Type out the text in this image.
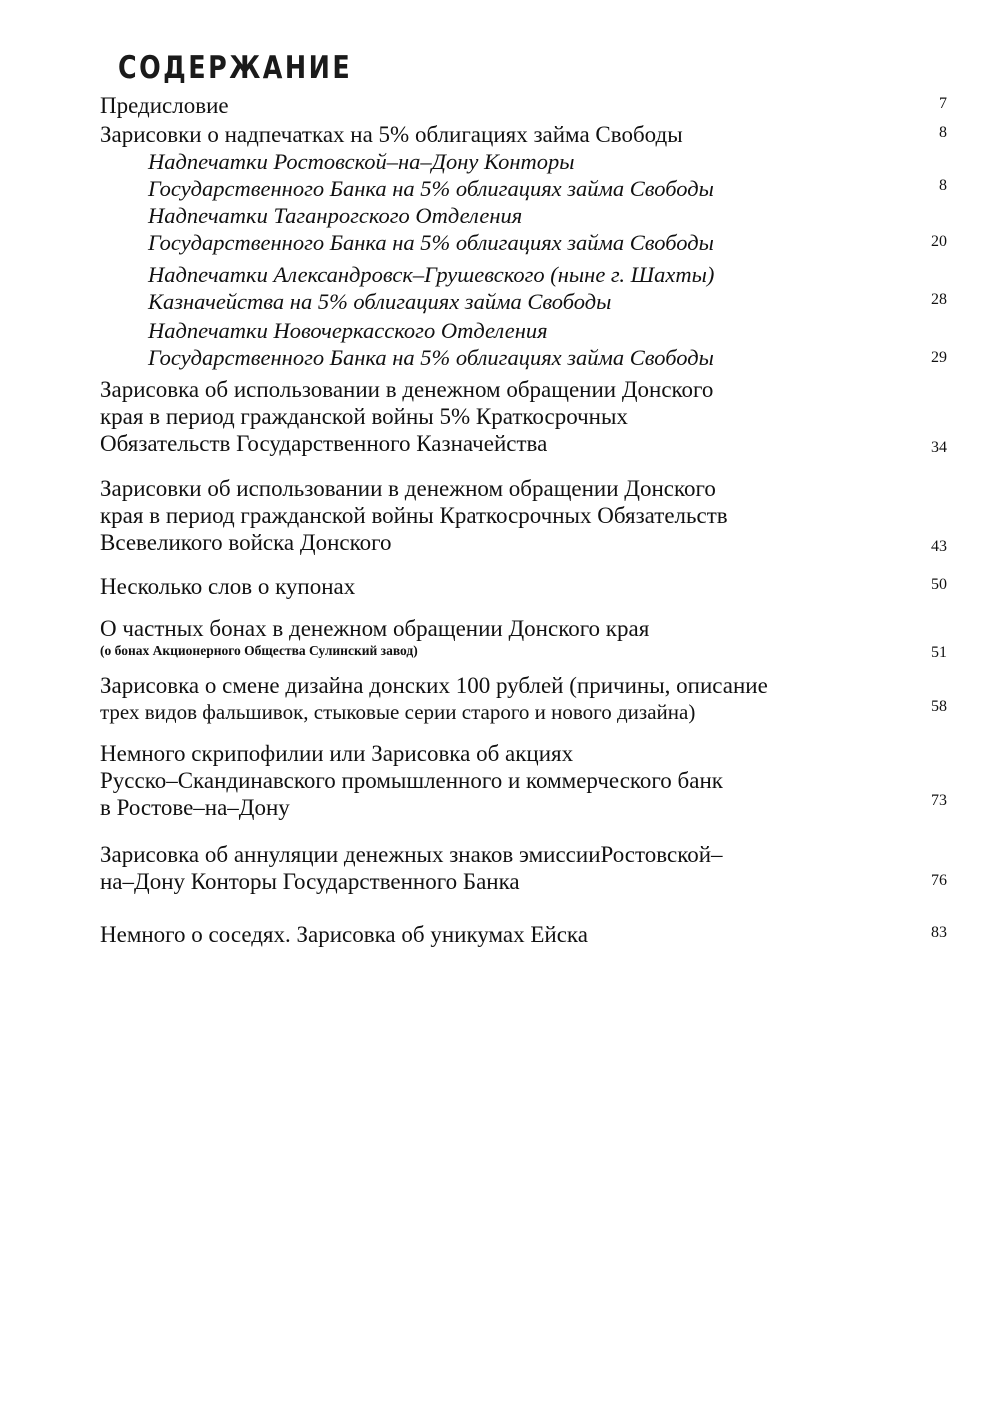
СОДЕРЖАНИЕ
Предисловие	7
Зарисовки о надпечатках на 5% облигациях займа Свободы	8
Надпечатки Ростовской–на–Дону Конторы
Государственного Банка на 5% облигациях займа Свободы	8
Надпечатки Таганрогского Отделения
Государственного Банка на 5% облигациях займа Свободы	20
Надпечатки Александровск–Грушевского (ныне г. Шахты)
Казначейства на 5% облигациях займа Свободы	28
Надпечатки Новочеркасского Отделения
Государственного Банка на 5% облигациях займа Свободы	29
Зарисовка об использовании в денежном обращении Донского
края в период гражданской войны 5% Краткосрочных
Обязательств Государственного Казначейства	34
Зарисовки об использовании в денежном обращении Донского
края в период гражданской войны Краткосрочных Обязательств
Всевеликого войска Донского	43
Несколько слов о купонах	50
О частных бонах в денежном обращении Донского края
(о бонах Акционерного Общества Сулинский завод)	51
Зарисовка о смене дизайна донских 100 рублей (причины, описание
трех видов фальшивок, стыковые серии старого и нового дизайна)	58
Немного скрипофилии или Зарисовка об акциях
Русско–Скандинавского промышленного и коммерческого банк
в Ростове–на–Дону	73
Зарисовка об аннуляции денежных знаков эмиссииРостовской–
на–Дону Конторы Государственного Банка	76
Немного о соседях. Зарисовка об уникумах Ейска	83
